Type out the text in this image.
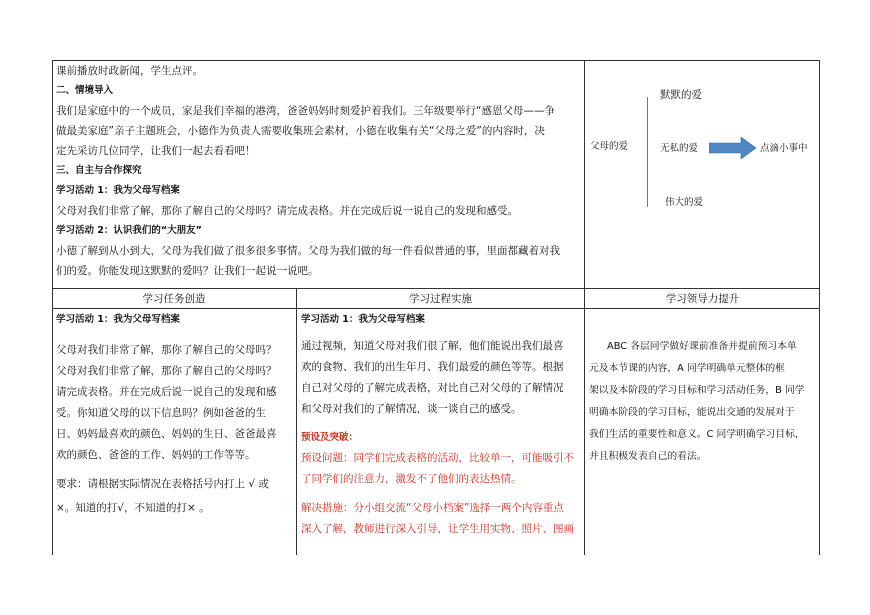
课前播放时政新闻，学生点评。

二、情境导入

我们是家庭中的一个成员，家是我们幸福的港湾，爸爸妈妈时刻爱护着我们。三年级要举行“感恩父母——争

做最美家庭”亲子主题班会，小德作为负责人需要收集班会素材，小德在收集有关“父母之爱”的内容时，决

定先采访几位同学，让我们一起去看看吧！

三、自主与合作探究

学习活动 1：我为父母写档案

父母对我们非常了解，那你了解自己的父母吗？请完成表格。并在完成后说一说自己的发现和感受。

学习活动 2：认识我们的“大朋友”

小德了解到从小到大，父母为我们做了很多很多事情。父母为我们做的每一件看似普通的事，里面都藏着对我

们的爱。你能发现这默默的爱吗？让我们一起说一说吧。

父母的爱
默默的爱
无私的爱
伟大的爱
点滴小事中
学习任务创造	学习过程实施	学习领导力提升

学习活动 1：我为父母写档案

父母对我们非常了解，那你了解自己的父母吗？

父母对我们非常了解，那你了解自己的父母吗？

请完成表格。并在完成后说一说自己的发现和感

受。你知道父母的以下信息吗？例如爸爸的生

日、妈妈最喜欢的颜色、妈妈的生日、爸爸最喜

欢的颜色、爸爸的工作、妈妈的工作等等。

要求：请根据实际情况在表格括号内打上 √ 或

×。知道的打√，不知道的打× 。

学习活动 1：我为父母写档案

通过视频，知道父母对我们很了解，他们能说出我们最喜

欢的食物、我们的出生年月、我们最爱的颜色等等。根据

自己对父母的了解完成表格，对比自己对父母的了解情况

和父母对我们的了解情况，谈一谈自己的感受。

预设及突破：

预设问题：同学们完成表格的活动，比较单一，可能吸引不

了同学们的注意力，激发不了他们的表达热情。

解决措施：分小组交流“父母小档案”选择一两个内容重点

深入了解，教师进行深入引导，让学生用实物、照片、图画

ABC 各层同学做好课前准备并提前预习本单

元及本节课的内容，A 同学明确单元整体的框

架以及本阶段的学习目标和学习活动任务，B 同学

明确本阶段的学习目标，能说出交通的发展对于

我们生活的重要性和意义。C 同学明确学习目标，

并且积极发表自己的看法。
